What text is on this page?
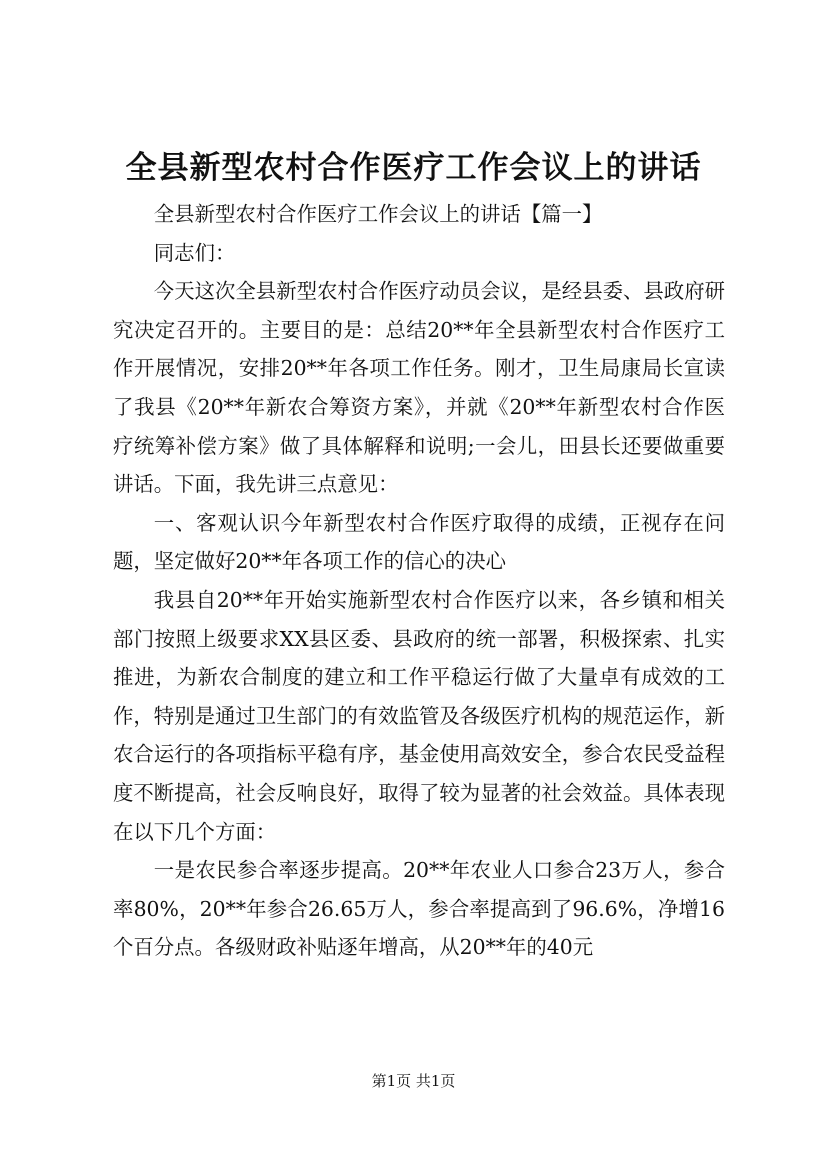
全县新型农村合作医疗工作会议上的讲话

全县新型农村合作医疗工作会议上的讲话【篇一】

同志们：

今天这次全县新型农村合作医疗动员会议，是经县委、县政府研究决定召开的。主要目的是：总结20**年全县新型农村合作医疗工作开展情况，安排20**年各项工作任务。刚才，卫生局康局长宣读了我县《20**年新农合筹资方案》，并就《20**年新型农村合作医疗统筹补偿方案》做了具体解释和说明;一会儿，田县长还要做重要讲话。下面，我先讲三点意见：

一、客观认识今年新型农村合作医疗取得的成绩，正视存在问题，坚定做好20**年各项工作的信心的决心

我县自20**年开始实施新型农村合作医疗以来，各乡镇和相关部门按照上级要求XX县区委、县政府的统一部署，积极探索、扎实推进，为新农合制度的建立和工作平稳运行做了大量卓有成效的工作，特别是通过卫生部门的有效监管及各级医疗机构的规范运作，新农合运行的各项指标平稳有序，基金使用高效安全，参合农民受益程度不断提高，社会反响良好，取得了较为显著的社会效益。具体表现在以下几个方面：

一是农民参合率逐步提高。20**年农业人口参合23万人，参合率80%，20**年参合26.65万人，参合率提高到了96.6%，净增16个百分点。各级财政补贴逐年增高，从20**年的40元

第1页 共1页
